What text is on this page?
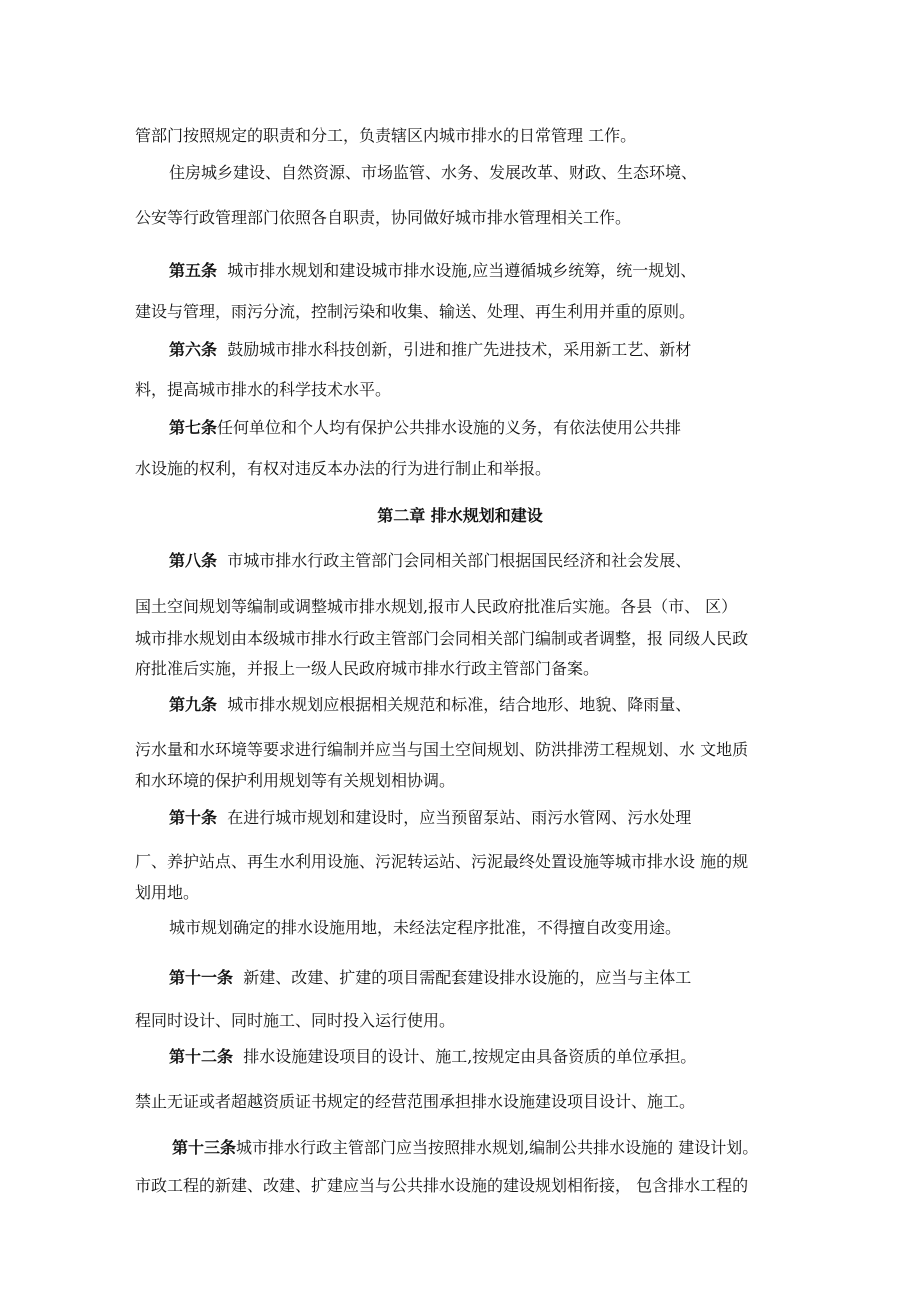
管部门按照规定的职责和分工，负责辖区内城市排水的日常管理 工作。
住房城乡建设、自然资源、市场监管、水务、发展改革、财政、生态环境、
公安等行政管理部门依照各自职责，协同做好城市排水管理相关工作。
第五条 城市排水规划和建设城市排水设施,应当遵循城乡统筹，统一规划、
建设与管理，雨污分流，控制污染和收集、输送、处理、再生利用并重的原则。
第六条 鼓励城市排水科技创新，引进和推广先进技术，采用新工艺、新材
料，提高城市排水的科学技术水平。
第七条任何单位和个人均有保护公共排水设施的义务，有依法使用公共排
水设施的权利，有权对违反本办法的行为进行制止和举报。
第二章 排水规划和建设
第八条 市城市排水行政主管部门会同相关部门根据国民经济和社会发展、
国土空间规划等编制或调整城市排水规划,报市人民政府批准后实施。各县（市、 区）
城市排水规划由本级城市排水行政主管部门会同相关部门编制或者调整，报 同级人民政
府批准后实施，并报上一级人民政府城市排水行政主管部门备案。
第九条 城市排水规划应根据相关规范和标准，结合地形、地貌、降雨量、
污水量和水环境等要求进行编制并应当与国土空间规划、防洪排涝工程规划、水 文地质
和水环境的保护利用规划等有关规划相协调。
第十条 在进行城市规划和建设时，应当预留泵站、雨污水管网、污水处理
厂、养护站点、再生水利用设施、污泥转运站、污泥最终处置设施等城市排水设 施的规
划用地。
城市规划确定的排水设施用地，未经法定程序批准，不得擅自改变用途。
第十一条 新建、改建、扩建的项目需配套建设排水设施的，应当与主体工
程同时设计、同时施工、同时投入运行使用。
第十二条 排水设施建设项目的设计、施工,按规定由具备资质的单位承担。
禁止无证或者超越资质证书规定的经营范围承担排水设施建设项目设计、施工。
第十三条城市排水行政主管部门应当按照排水规划,编制公共排水设施的 建设计划。
市政工程的新建、改建、扩建应当与公共排水设施的建设规划相衔接， 包含排水工程的
